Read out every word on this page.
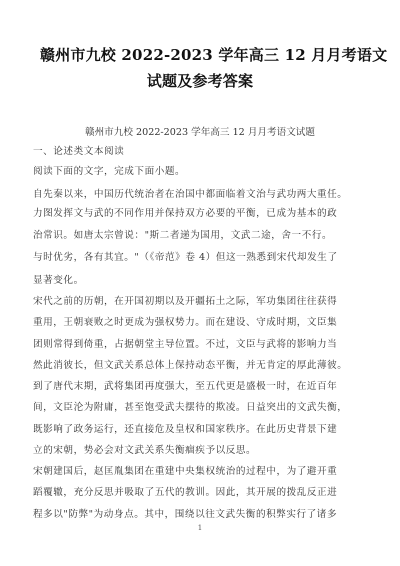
赣州市九校 2022-2023 学年高三 12 月月考语文
试题及参考答案
赣州市九校 2022-2023 学年高三 12 月月考语文试题
一、论述类文本阅读
阅读下面的文字，完成下面小题。
自先秦以来，中国历代统治者在治国中都面临着文治与武功两大重任。
力图发挥文与武的不同作用并保持双方必要的平衡，已成为基本的政
治常识。如唐太宗曾说："斯二者递为国用，文武二途，舍一不行。
与时优劣，各有其宜。"（《帝范》卷 4）但这一熟悉到宋代却发生了
显著变化。
宋代之前的历朝，在开国初期以及开疆拓土之际，军功集团往往获得
重用，王朝衰败之时更成为强权势力。而在建设、守成时期，文臣集
团则常得到倚重，占据朝堂主导位置。不过，文臣与武将的影响力当
然此消彼长，但文武关系总体上保持动态平衡，并无肯定的厚此薄彼。
到了唐代末期，武将集团再度强大，至五代更是盛极一时，在近百年
间，文臣沦为附庸，甚至饱受武夫摆待的欺凌。日益突出的文武失衡，
既影响了政务运行，还直接危及皇权和国家秩序。在此历史背景下建
立的宋朝，势必会对文武关系失衡痼疾予以反思。
宋朝建国后，赵匡胤集团在重建中央集权统治的过程中，为了避开重
蹈覆辙，充分反思并吸取了五代的教训。因此，其开展的拨乱反正进
程多以"防弊"为动身点。其中，围绕以往文武失衡的积弊实行了诸多
1
